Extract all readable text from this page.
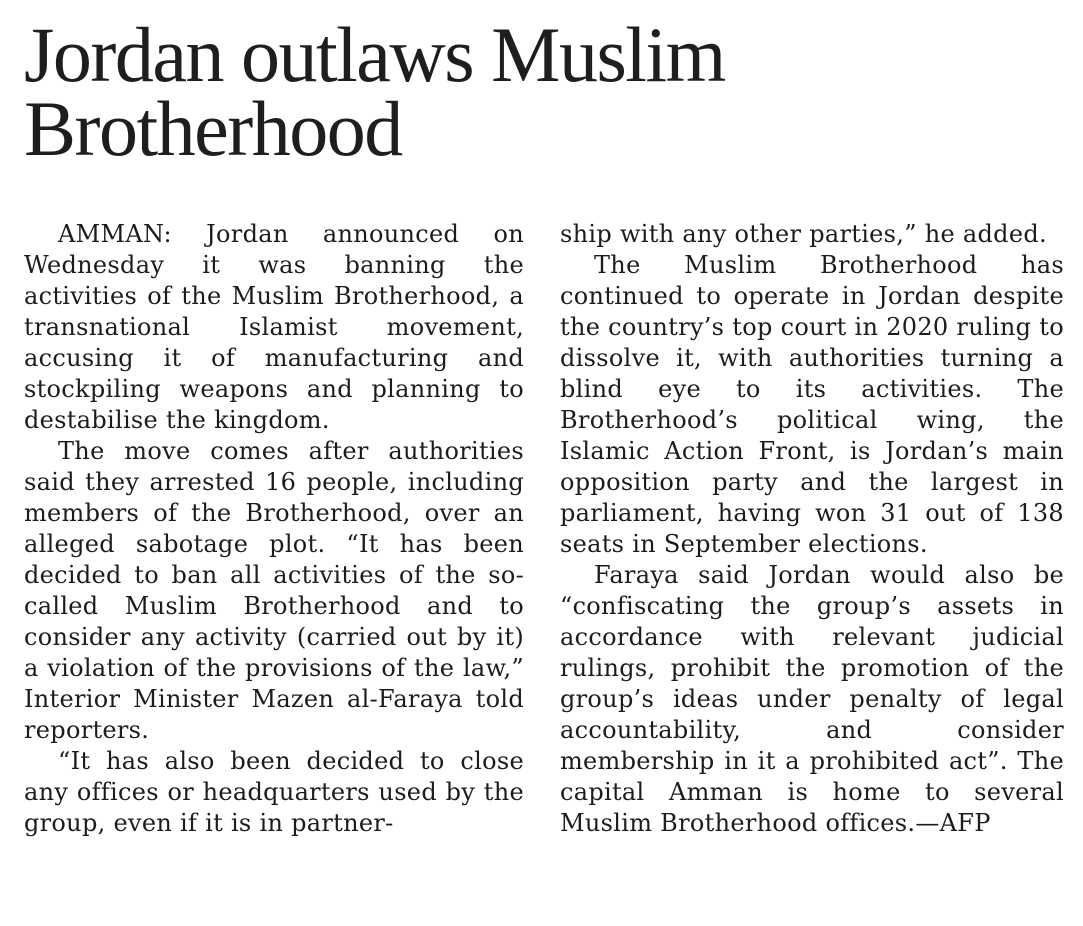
Jordan outlaws Muslim Brotherhood

AMMAN: Jordan announced on Wednesday it was banning the activities of the Muslim Brotherhood, a transnational Islamist movement, accusing it of manufacturing and stockpiling weapons and planning to destabilise the kingdom.

The move comes after authorities said they arrested 16 people, including members of the Brotherhood, over an alleged sabotage plot. “It has been decided to ban all activities of the so-called Muslim Brotherhood and to consider any activity (carried out by it) a violation of the provisions of the law,” Interior Minister Mazen al-Faraya told reporters.

“It has also been decided to close any offices or headquarters used by the group, even if it is in partner-

ship with any other parties,” he added.

The Muslim Brotherhood has continued to operate in Jordan despite the country’s top court in 2020 ruling to dissolve it, with authorities turning a blind eye to its activities. The Brotherhood’s political wing, the Islamic Action Front, is Jordan’s main opposition party and the largest in parliament, having won 31 out of 138 seats in September elections.

Faraya said Jordan would also be “confiscating the group’s assets in accordance with relevant judicial rulings, prohibit the promotion of the group’s ideas under penalty of legal accountability, and consider membership in it a prohibited act”. The capital Amman is home to several Muslim Brotherhood offices.—AFP
